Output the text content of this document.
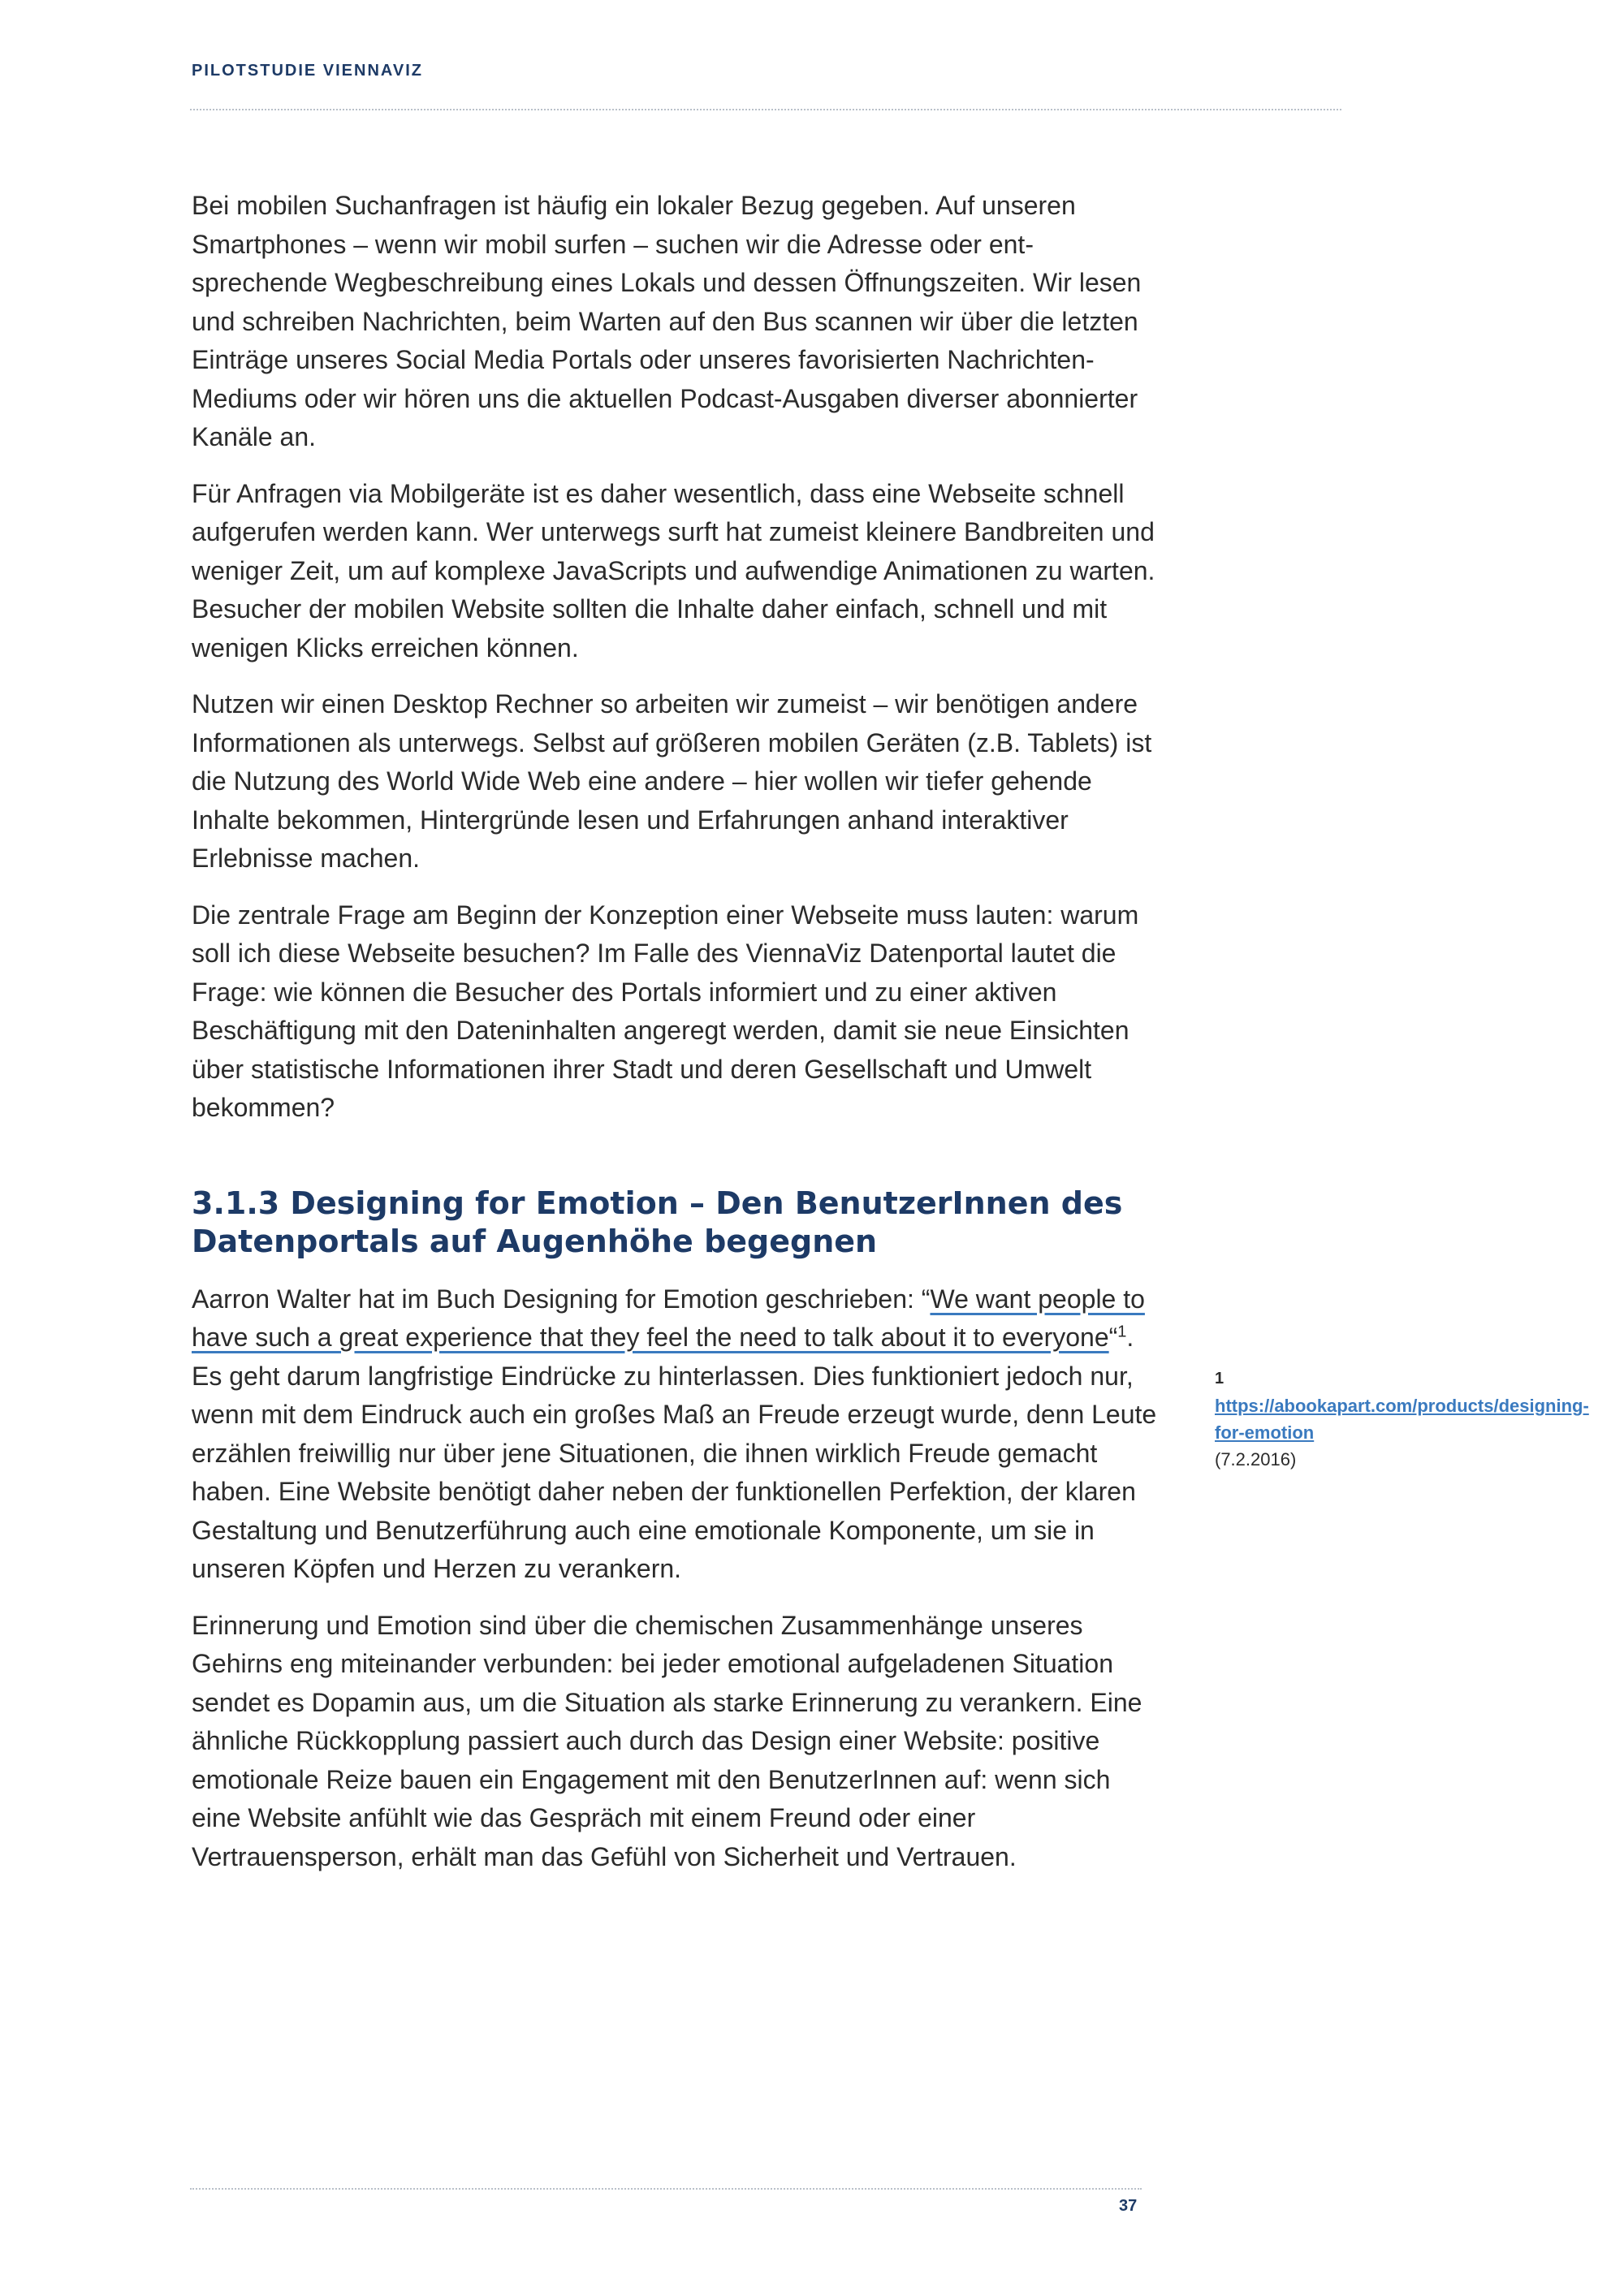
PILOTSTUDIE VIENNAVIZ

Bei mobilen Suchanfragen ist häufig ein lokaler Bezug gegeben. Auf unseren Smartphones – wenn wir mobil surfen – suchen wir die Adresse oder entsprechende Wegbeschreibung eines Lokals und dessen Öffnungszeiten. Wir lesen und schreiben Nachrichten, beim Warten auf den Bus scannen wir über die letzten Einträge unseres Social Media Portals oder unseres favorisierten Nachrichten-Mediums oder wir hören uns die aktuellen Podcast-Ausgaben diverser abonnierter Kanäle an.

Für Anfragen via Mobilgeräte ist es daher wesentlich, dass eine Webseite schnell aufgerufen werden kann. Wer unterwegs surft hat zumeist kleinere Bandbreiten und weniger Zeit, um auf komplexe JavaScripts und aufwendige Animationen zu warten. Besucher der mobilen Website sollten die Inhalte daher einfach, schnell und mit wenigen Klicks erreichen können.

Nutzen wir einen Desktop Rechner so arbeiten wir zumeist – wir benötigen andere Informationen als unterwegs. Selbst auf größeren mobilen Geräten (z.B. Tablets) ist die Nutzung des World Wide Web eine andere – hier wollen wir tiefer gehende Inhalte bekommen, Hintergründe lesen und Erfahrungen anhand interaktiver Erlebnisse machen.

Die zentrale Frage am Beginn der Konzeption einer Webseite muss lauten: warum soll ich diese Webseite besuchen? Im Falle des ViennaViz Datenportal lautet die Frage: wie können die Besucher des Portals informiert und zu einer aktiven Beschäftigung mit den Dateninhalten angeregt werden, damit sie neue Einsichten über statistische Informationen ihrer Stadt und deren Gesellschaft und Umwelt bekommen?

3.1.3 Designing for Emotion – Den BenutzerInnen des Datenportals auf Augenhöhe begegnen

Aarron Walter hat im Buch Designing for Emotion geschrieben: “We want people to have such a great experience that they feel the need to talk about it to everyone“$^1$. Es geht darum langfristige Eindrücke zu hinterlassen. Dies funktioniert jedoch nur, wenn mit dem Eindruck auch ein großes Maß an Freude erzeugt wurde, denn Leute erzählen freiwillig nur über jene Situationen, die ihnen wirklich Freude gemacht haben. Eine Website benötigt daher neben der funktionellen Perfektion, der klaren Gestaltung und Benutzerführung auch eine emotionale Komponente, um sie in unseren Köpfen und Herzen zu verankern.

Erinnerung und Emotion sind über die chemischen Zusammenhänge unseres Gehirns eng miteinander verbunden: bei jeder emotional aufgeladenen Situation sendet es Dopamin aus, um die Situation als starke Erinnerung zu verankern. Eine ähnliche Rückkopplung passiert auch durch das Design einer Website: positive emotionale Reize bauen ein Engagement mit den BenutzerInnen auf: wenn sich eine Website anfühlt wie das Gespräch mit einem Freund oder einer Vertrauensperson, erhält man das Gefühl von Sicherheit und Vertrauen.

1https://abookapart.com/products/designing-for-emotion
(7.2.2016)
37
